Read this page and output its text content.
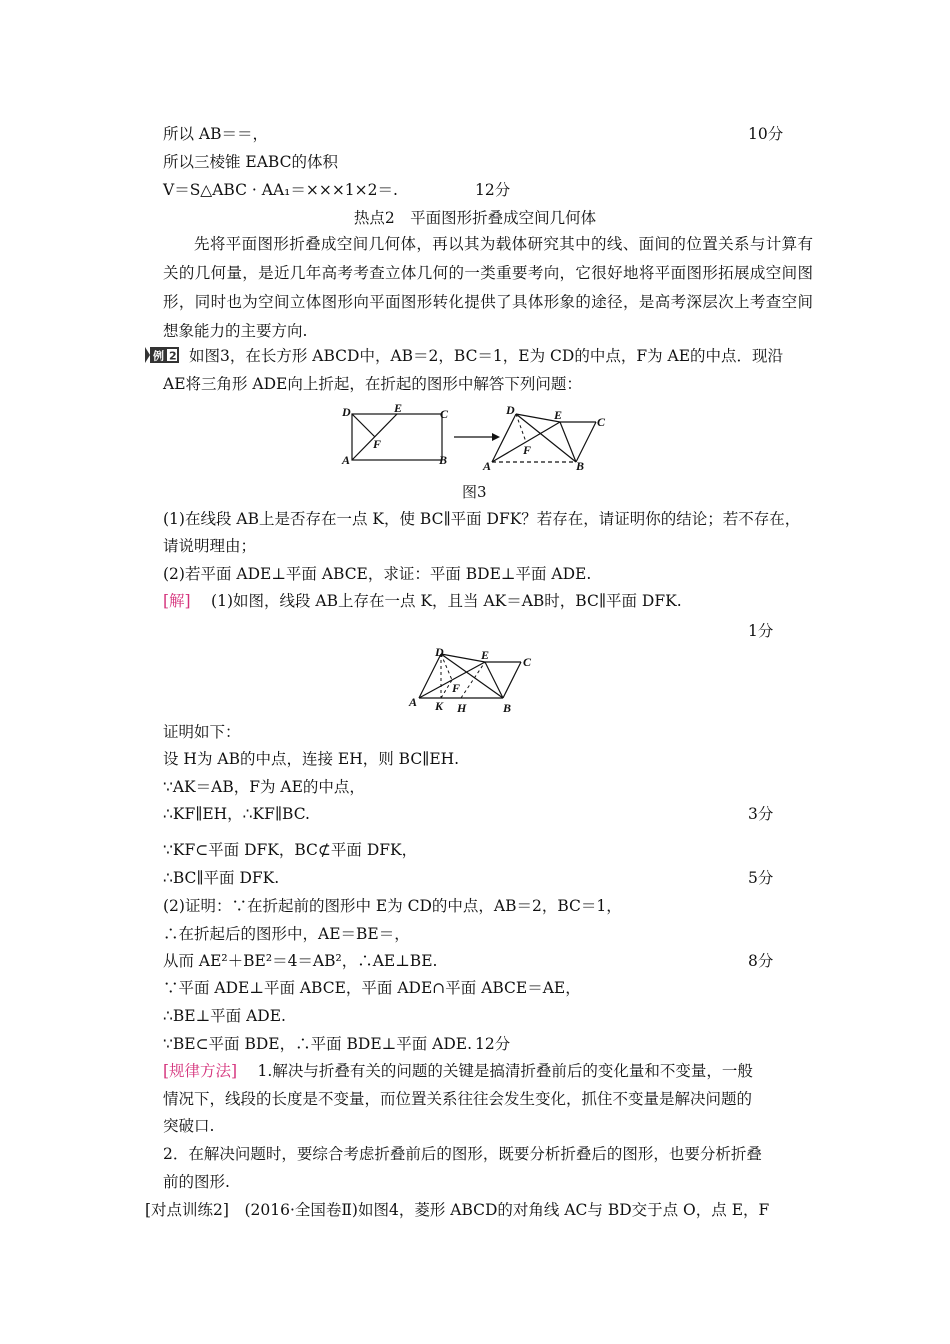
所以 AB＝＝，	10分
所以三棱锥 EABC的体积
V＝S△ABC · AA₁＝×××1×2＝.	12分
热点2　平面图形折叠成空间几何体
先将平面图形折叠成空间几何体，再以其为载体研究其中的线、面间的位置关系与计算有关的几何量，是近几年高考考查立体几何的一类重要考向，它很好地将平面图形拓展成空间图形，同时也为空间立体图形向平面图形转化提供了具体形象的途径，是高考深层次上考查空间想象能力的主要方向.
例 2 如图3，在长方形 ABCD中，AB＝2，BC＝1，E为 CD的中点，F为 AE的中点．现沿
AE将三角形 ADE向上折起，在折起的图形中解答下列问题：
D	E	C
A	B
F
D	E	C
A	B
F
图3
(1)在线段 AB上是否存在一点 K，使 BC∥平面 DFK？若存在，请证明你的结论；若不存在，
请说明理由；
(2)若平面 ADE⊥平面 ABCE，求证：平面 BDE⊥平面 ADE.
[解]　 (1)如图，线段 AB上存在一点 K，且当 AK＝AB时，BC∥平面 DFK.
1分
D	E	C
A K H	B
F
证明如下：
设 H为 AB的中点，连接 EH，则 BC∥EH.
∵AK＝AB，F为 AE的中点，
∴KF∥EH，∴KF∥BC.	3分
∵KF⊂平面 DFK，BC⊄平面 DFK，
∴BC∥平面 DFK.	5分
(2)证明：∵在折起前的图形中 E为 CD的中点，AB＝2，BC＝1，
∴在折起后的图形中，AE＝BE＝，
从而 AE²＋BE²＝4＝AB²，∴AE⊥BE.	8分
∵平面 ADE⊥平面 ABCE，平面 ADE∩平面 ABCE＝AE，
∴BE⊥平面 ADE.
∵BE⊂平面 BDE，∴平面 BDE⊥平面 ADE. 12分
[规律方法]　 1.解决与折叠有关的问题的关键是搞清折叠前后的变化量和不变量，一般
情况下，线段的长度是不变量，而位置关系往往会发生变化，抓住不变量是解决问题的
突破口.
2．在解决问题时，要综合考虑折叠前后的图形，既要分析折叠后的图形，也要分析折叠
前的图形.
[对点训练2]　(2016·全国卷Ⅱ)如图4，菱形 ABCD的对角线 AC与 BD交于点 O，点 E，F
